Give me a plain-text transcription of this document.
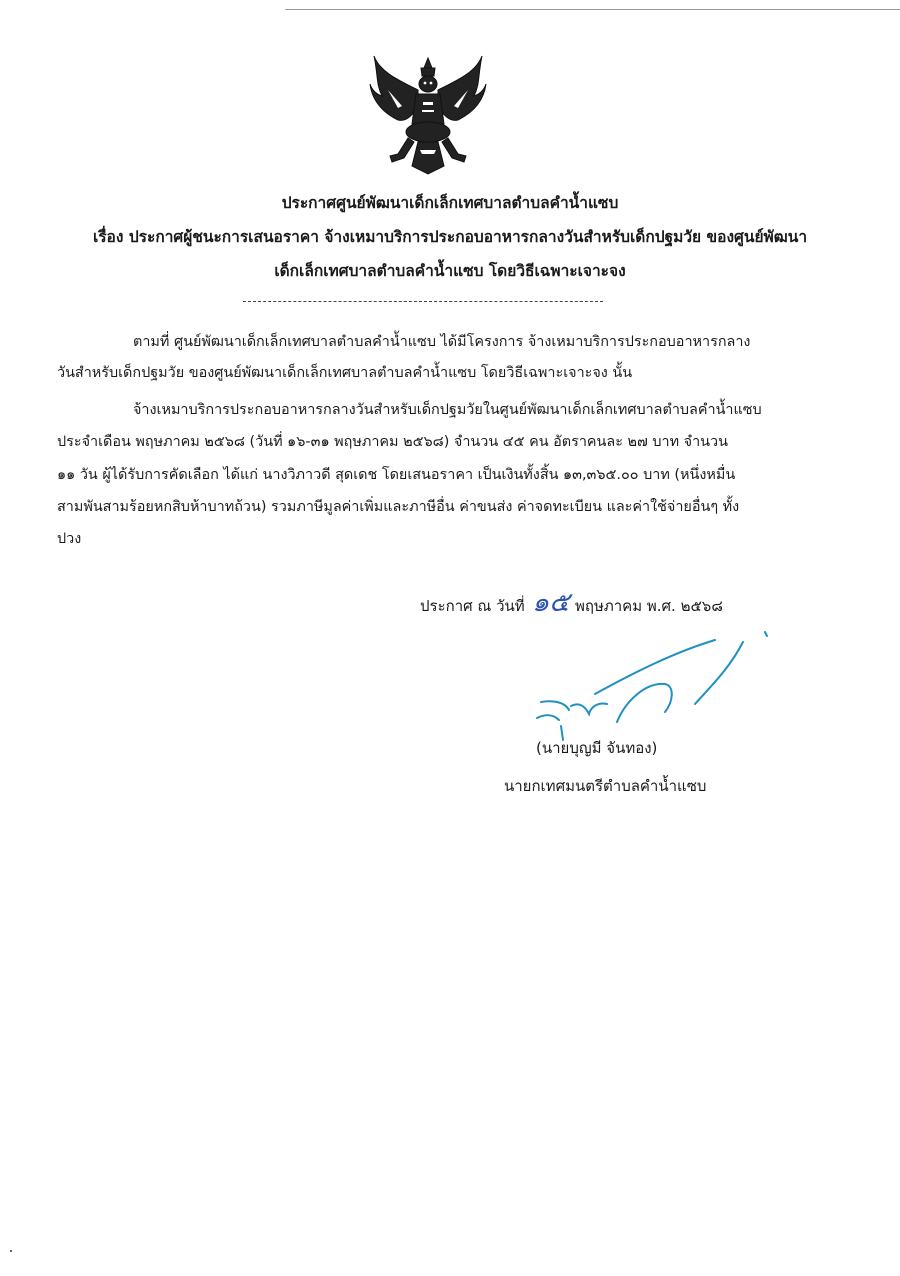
ประกาศศูนย์พัฒนาเด็กเล็กเทศบาลตำบลคำน้ำแซบ
เรื่อง ประกาศผู้ชนะการเสนอราคา จ้างเหมาบริการประกอบอาหารกลางวันสำหรับเด็กปฐมวัย ของศูนย์พัฒนา
เด็กเล็กเทศบาลตำบลคำน้ำแซบ โดยวิธีเฉพาะเจาะจง
ตามที่ ศูนย์พัฒนาเด็กเล็กเทศบาลตำบลคำน้ำแซบ ได้มีโครงการ จ้างเหมาบริการประกอบอาหารกลาง
วันสำหรับเด็กปฐมวัย ของศูนย์พัฒนาเด็กเล็กเทศบาลตำบลคำน้ำแซบ โดยวิธีเฉพาะเจาะจง นั้น
จ้างเหมาบริการประกอบอาหารกลางวันสำหรับเด็กปฐมวัยในศูนย์พัฒนาเด็กเล็กเทศบาลตำบลคำน้ำแซบ
ประจำเดือน พฤษภาคม ๒๕๖๘ (วันที่ ๑๖-๓๑ พฤษภาคม ๒๕๖๘) จำนวน ๔๕ คน อัตราคนละ ๒๗ บาท จำนวน
๑๑ วัน ผู้ได้รับการคัดเลือก ได้แก่ นางวิภาวดี สุดเดช โดยเสนอราคา เป็นเงินทั้งสิ้น ๑๓,๓๖๕.๐๐ บาท (หนึ่งหมื่น
สามพันสามร้อยหกสิบห้าบาทถ้วน) รวมภาษีมูลค่าเพิ่มและภาษีอื่น ค่าขนส่ง ค่าจดทะเบียน และค่าใช้จ่ายอื่นๆ ทั้ง
ปวง
ประกาศ ณ วันที่ ๑๕ พฤษภาคม พ.ศ. ๒๕๖๘
(นายบุญมี จันทอง)
นายกเทศมนตรีตำบลคำน้ำแซบ
